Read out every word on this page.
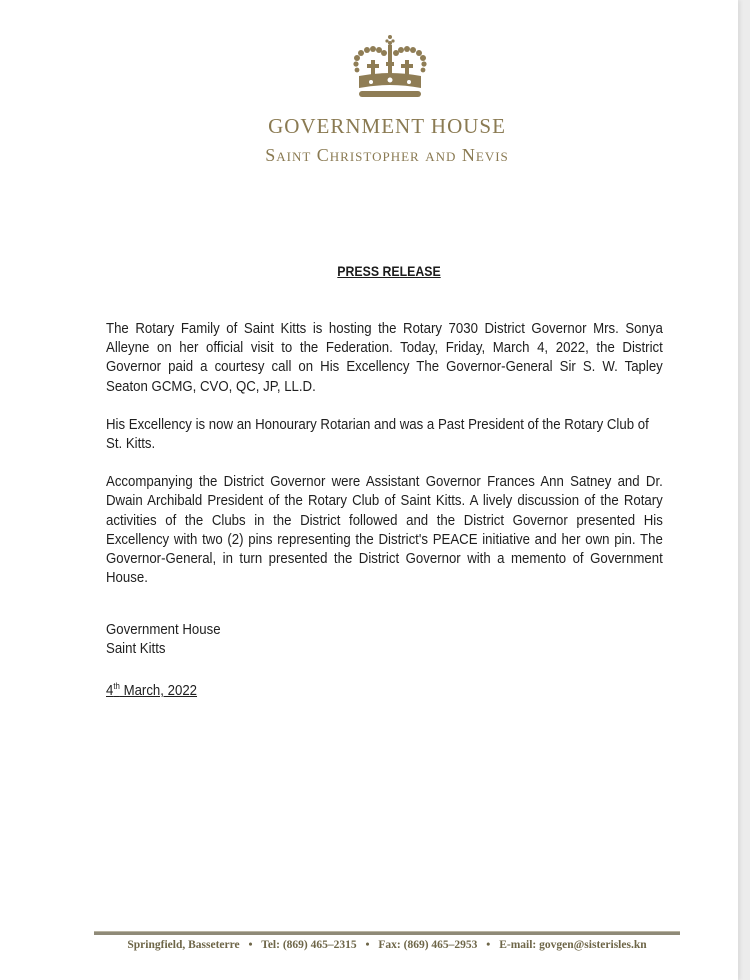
GOVERNMENT HOUSE
Saint Christopher and Nevis
PRESS RELEASE

The Rotary Family of Saint Kitts is hosting the Rotary 7030 District Governor Mrs. Sonya Alleyne on her official visit to the Federation. Today, Friday, March 4, 2022, the District Governor paid a courtesy call on His Excellency The Governor-General Sir S. W. Tapley Seaton GCMG, CVO, QC, JP, LL.D.

His Excellency is now an Honourary Rotarian and was a Past President of the Rotary Club of St. Kitts.

Accompanying the District Governor were Assistant Governor Frances Ann Satney and Dr. Dwain Archibald President of the Rotary Club of Saint Kitts. A lively discussion of the Rotary activities of the Clubs in the District followed and the District Governor presented His Excellency with two (2) pins representing the District's PEACE initiative and her own pin. The Governor-General, in turn presented the District Governor with a memento of Government House.

Government House
Saint Kitts
4th March, 2022
Springfield, Basseterre • Tel: (869) 465–2315 • Fax: (869) 465–2953 • E-mail: govgen@sisterisles.kn
